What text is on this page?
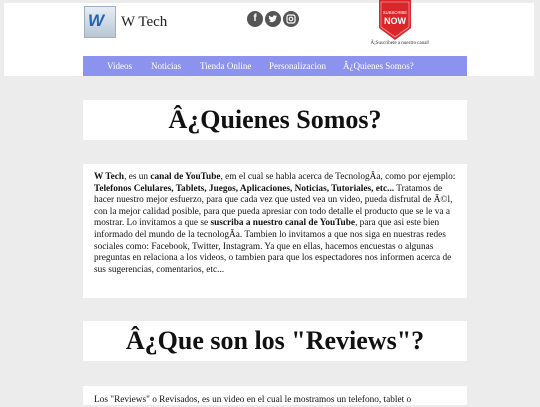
W W Tech	f
SUBSCRIBE
NOW
Â¡Suscribete a nuestro canal!
Videos Noticias Tienda Online Personalizacion Â¿Quienes Somos?
Â¿Quienes Somos?
W Tech, es un canal de YouTube, em el cual se habla acerca de TecnologÃa, como por ejemplo: Telefonos Celulares, Tablets, Juegos, Aplicaciones, Noticias, Tutoriales, etc... Tratamos de hacer nuestro mejor esfuerzo, para que cada vez que usted vea un video, pueda disfrutal de Ã©l, con la mejor calidad posible, para que pueda apresiar con todo detalle el producto que se le va a mostrar. Lo invitamos a que se suscriba a nuestro canal de YouTube, para que asi este bien informado del mundo de la tecnologÃa. Tambien lo invitamos a que nos siga en nuestras redes sociales como: Facebook, Twitter, Instagram. Ya que en ellas, hacemos encuestas o algunas preguntas en relaciona a los videos, o tambien para que los espectadores nos informen acerca de sus sugerencias, comentarios, etc...
Â¿Que son los "Reviews"?
Los "Reviews" o Revisados, es un video en el cual le mostramos un telefono, tablet o
